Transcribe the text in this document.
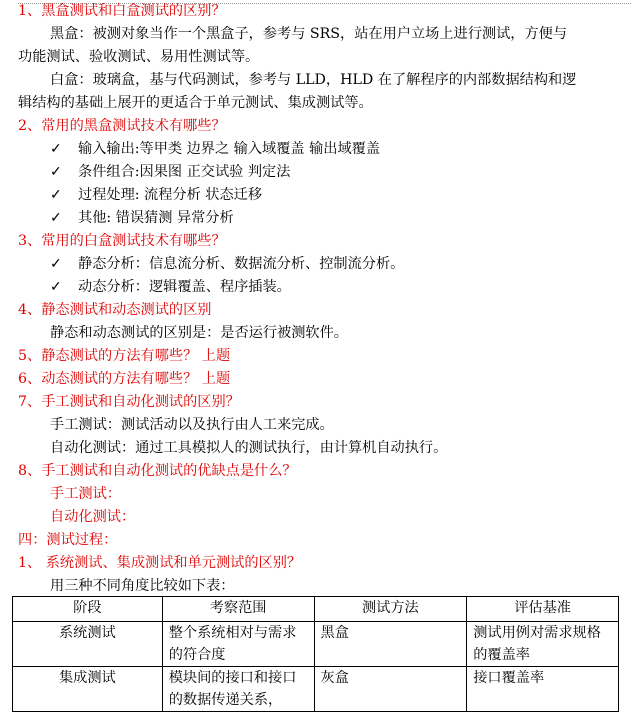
1、黑盒测试和白盒测试的区别？
黑盒：被测对象当作一个黑盒子，参考与 SRS，站在用户立场上进行测试，方便与
功能测试、验收测试、易用性测试等。
白盒：玻璃盒，基与代码测试，参考与 LLD，HLD 在了解程序的内部数据结构和逻
辑结构的基础上展开的更适合于单元测试、集成测试等。
2、常用的黑盒测试技术有哪些？
✓ 输入输出:等甲类 边界之 输入域覆盖 输出域覆盖
✓ 条件组合:因果图 正交试验 判定法
✓ 过程处理: 流程分析 状态迁移
✓ 其他: 错误猜测 异常分析
3、常用的白盒测试技术有哪些？
✓ 静态分析：信息流分析、数据流分析、控制流分析。
✓ 动态分析：逻辑覆盖、程序插装。
4、静态测试和动态测试的区别
静态和动态测试的区别是：是否运行被测软件。
5、静态测试的方法有哪些？ 上题
6、动态测试的方法有哪些？ 上题
7、手工测试和自动化测试的区别？
手工测试：测试活动以及执行由人工来完成。
自动化测试：通过工具模拟人的测试执行，由计算机自动执行。
8、手工测试和自动化测试的优缺点是什么？
手工测试：
自动化测试：
四：测试过程：
1、 系统测试、集成测试和单元测试的区别？
用三种不同角度比较如下表：
阶段	考察范围	测试方法	评估基准
系统测试	整个系统相对与需求的符合度	黑盒	测试用例对需求规格的覆盖率
集成测试	模块间的接口和接口的数据传递关系，	灰盒	接口覆盖率
